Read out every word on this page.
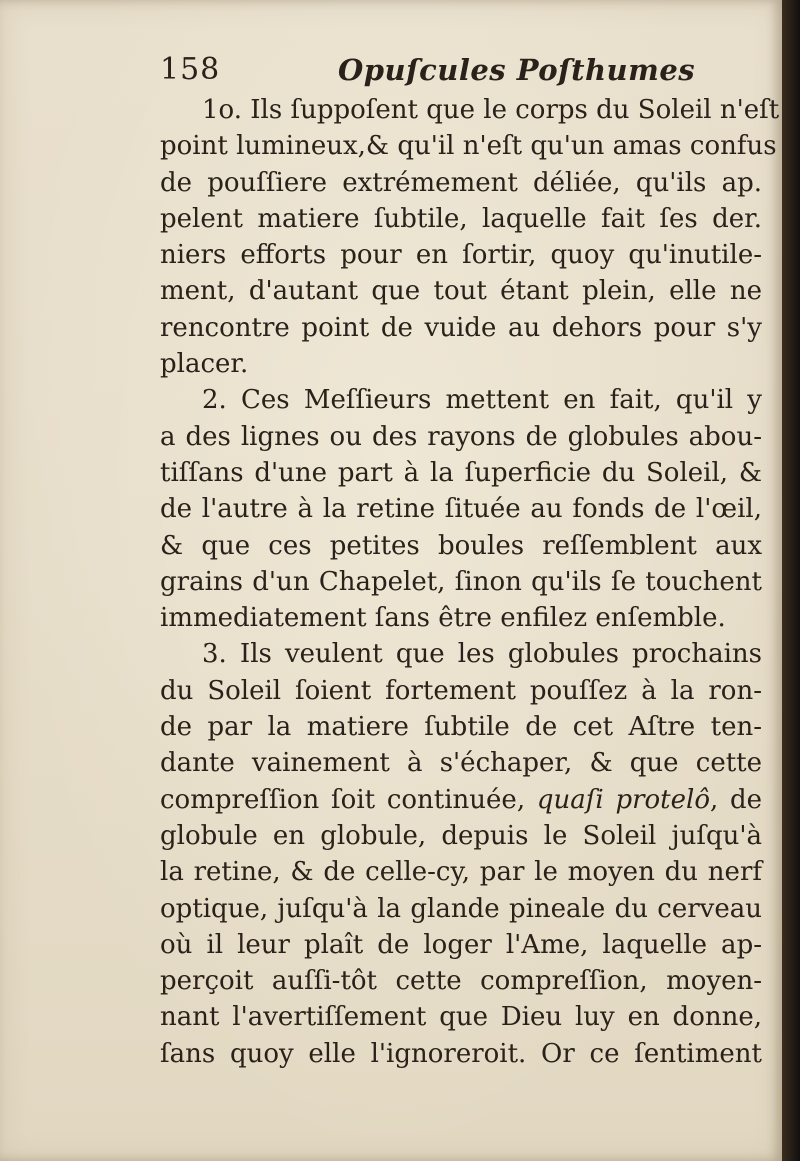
158	Opuſcules Poſthumes

1o. Ils ſuppoſent que le corps du Soleil n'eſt
point lumineux,& qu'il n'eſt qu'un amas confus
de pouſſiere extrémement déliée, qu'ils ap.
pelent matiere ſubtile, laquelle fait ſes der.
niers efforts pour en ſortir, quoy qu'inutile-
ment, d'autant que tout étant plein, elle ne
rencontre point de vuide au dehors pour s'y
placer.

2. Ces Meſſieurs mettent en fait, qu'il y
a des lignes ou des rayons de globules abou-
tiſſans d'une part à la ſuperficie du Soleil, &
de l'autre à la retine ſituée au fonds de l'œil,
& que ces petites boules reſſemblent aux
grains d'un Chapelet, ſinon qu'ils ſe touchent
immediatement ſans être enfilez enſemble.

3. Ils veulent que les globules prochains
du Soleil ſoient fortement pouſſez à la ron-
de par la matiere ſubtile de cet Aſtre ten-
dante vainement à s'échaper, & que cette
compreſſion ſoit continuée, quaſi protelô, de
globule en globule, depuis le Soleil juſqu'à
la retine, & de celle-cy, par le moyen du nerf
optique, juſqu'à la glande pineale du cerveau
où il leur plaît de loger l'Ame, laquelle ap-
perçoit auſſi-tôt cette compreſſion, moyen-
nant l'avertiſſement que Dieu luy en donne,
ſans quoy elle l'ignoreroit. Or ce ſentiment
